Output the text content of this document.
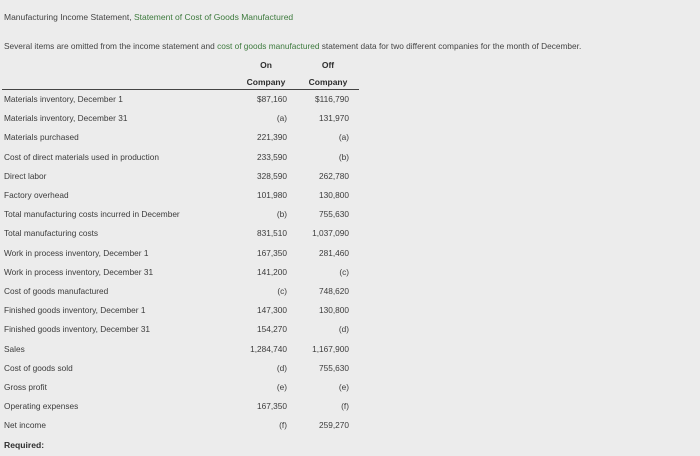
Manufacturing Income Statement, Statement of Cost of Goods Manufactured
Several items are omitted from the income statement and cost of goods manufactured statement data for two different companies for the month of December.
On
Company
Off
Company
Materials inventory, December 1	$87,160	$116,790
Materials inventory, December 31	(a)	131,970
Materials purchased	221,390	(a)
Cost of direct materials used in production	233,590	(b)
Direct labor	328,590	262,780
Factory overhead	101,980	130,800
Total manufacturing costs incurred in December	(b)	755,630
Total manufacturing costs	831,510	1,037,090
Work in process inventory, December 1	167,350	281,460
Work in process inventory, December 31	141,200	(c)
Cost of goods manufactured	(c)	748,620
Finished goods inventory, December 1	147,300	130,800
Finished goods inventory, December 31	154,270	(d)
Sales	1,284,740	1,167,900
Cost of goods sold	(d)	755,630
Gross profit	(e)	(e)
Operating expenses	167,350	(f)
Net income	(f)	259,270
Required:
